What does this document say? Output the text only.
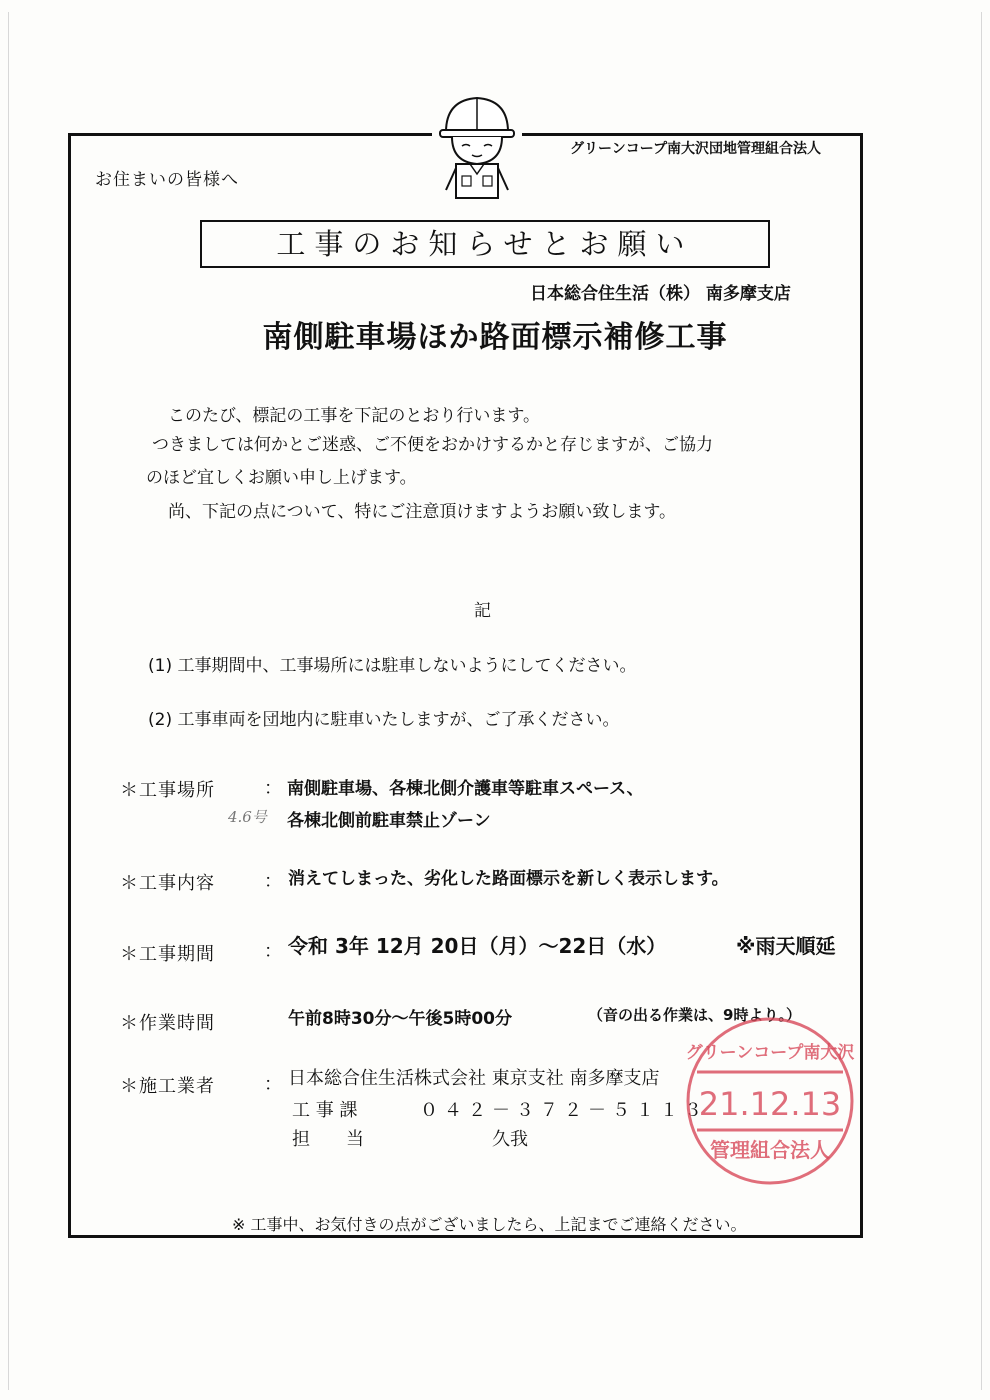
グリーンコープ南大沢団地管理組合法人
お住まいの皆様へ
工事のお知らせとお願い
日本総合住生活（株） 南多摩支店
南側駐車場ほか路面標示補修工事
このたび、標記の工事を下記のとおり行います。
つきましては何かとご迷惑、ご不便をおかけするかと存じますが、ご協力
のほど宜しくお願い申し上げます。
尚、下記の点について、特にご注意頂けますようお願い致します。
記
(1) 工事期間中、工事場所には駐車しないようにしてください。
(2) 工事車両を団地内に駐車いたしますが、ご了承ください。
＊工事場所	： 南側駐車場、各棟北側介護車等駐車スペース、
4.6号 各棟北側前駐車禁止ゾーン
＊工事内容	： 消えてしまった、劣化した路面標示を新しく表示します。
＊工事期間	： 令和 3年 12月 20日（月）～22日（水）	※雨天順延
＊作業時間	午前8時30分～午後5時00分	（音の出る作業は、9時より。）
＊施工業者	： 日本総合住生活株式会社 東京支社 南多摩支店
工 事 課	０４２－３７２－５１１３
担　　当	久我
※ 工事中、お気付きの点がございましたら、上記までご連絡ください。
グリーンコープ南大沢
21.12.13
管理組合法人
